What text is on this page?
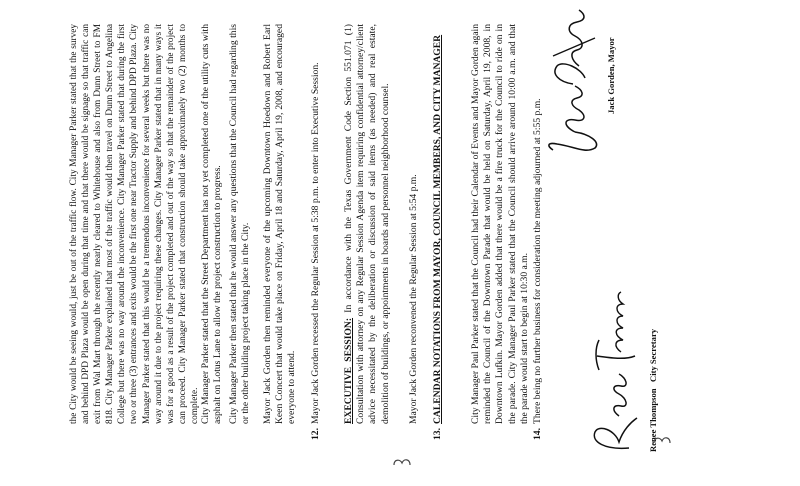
the City would be seeing would, just be out of the traffic flow. City Manager Parker stated that the survey and behind DPD Plaza would be open during that time and that there would be signage so that traffic can exit from Wal Mart through the recently nearly cleared to Whitehouse and also from Dunn Street to FM 818. City Manager Parker explained that most of the traffic would then travel on Dunn Street to Angelina College but there was no way around the inconvenience. City Manager Parker stated that during the first two or three (3) entrances and exits would be the first one near Tractor Supply and behind DPD Plaza. City Manager Parker stated that this would be a tremendous inconvenience for several weeks but there was no way around it due to the project requiring these changes. City Manager Parker stated that in many ways it was for a good as a result of the project completed and out of the way so that the remainder of the project can proceed. City Manager Parker stated that construction should take approximately two (2) months to complete. City Manager Parker stated that the Street Department has not yet completed one of the utility cuts with asphalt on Lotus Lane to allow the project construction to progress. City Manager Parker then stated that he would answer any questions that the Council had regarding this or the other building project taking place in the City. Mayor Jack Gorden then reminded everyone of the upcoming Downtown Hoedown and Robert Earl Keen Concert that would take place on Friday, April 18 and Saturday, April 19, 2008, and encouraged everyone to attend.

12.
Mayor Jack Gorden recessed the Regular Session at 5:38 p.m. to enter into Executive Session. EXECUTIVE SESSION: In accordance with the Texas Government Code Section 551.071 (1) Consultation with attorney on any Regular Session Agenda item requiring confidential attorney/client advice necessitated by the deliberation or discussion of said items (as needed) and real estate, demolition of buildings, or appointments in boards and personnel neighborhood counsel. Mayor Jack Gorden reconvened the Regular Session at 5:54 p.m.

13.
CALENDAR NOTATIONS FROM MAYOR, COUNCIL MEMBERS, AND CITY MANAGER	City Manager Paul Parker stated that the Council had their Calendar of Events and Mayor Gorden again reminded the Council of the Downtown Parade that would be held on Saturday, April 19, 2008, in Downtown Lufkin. Mayor Gorden added that there would be a fire truck for the Council to ride on in the parade. City Manager Paul Parker stated that the Council should arrive around 10:00 a.m. and that the parade would start to begin at 10:30 a.m.

14.
There being no further business for consideration the meeting adjourned at 5:55 p.m.
Jack Gorden, Mayor
Renee Thompson
City Secretary
